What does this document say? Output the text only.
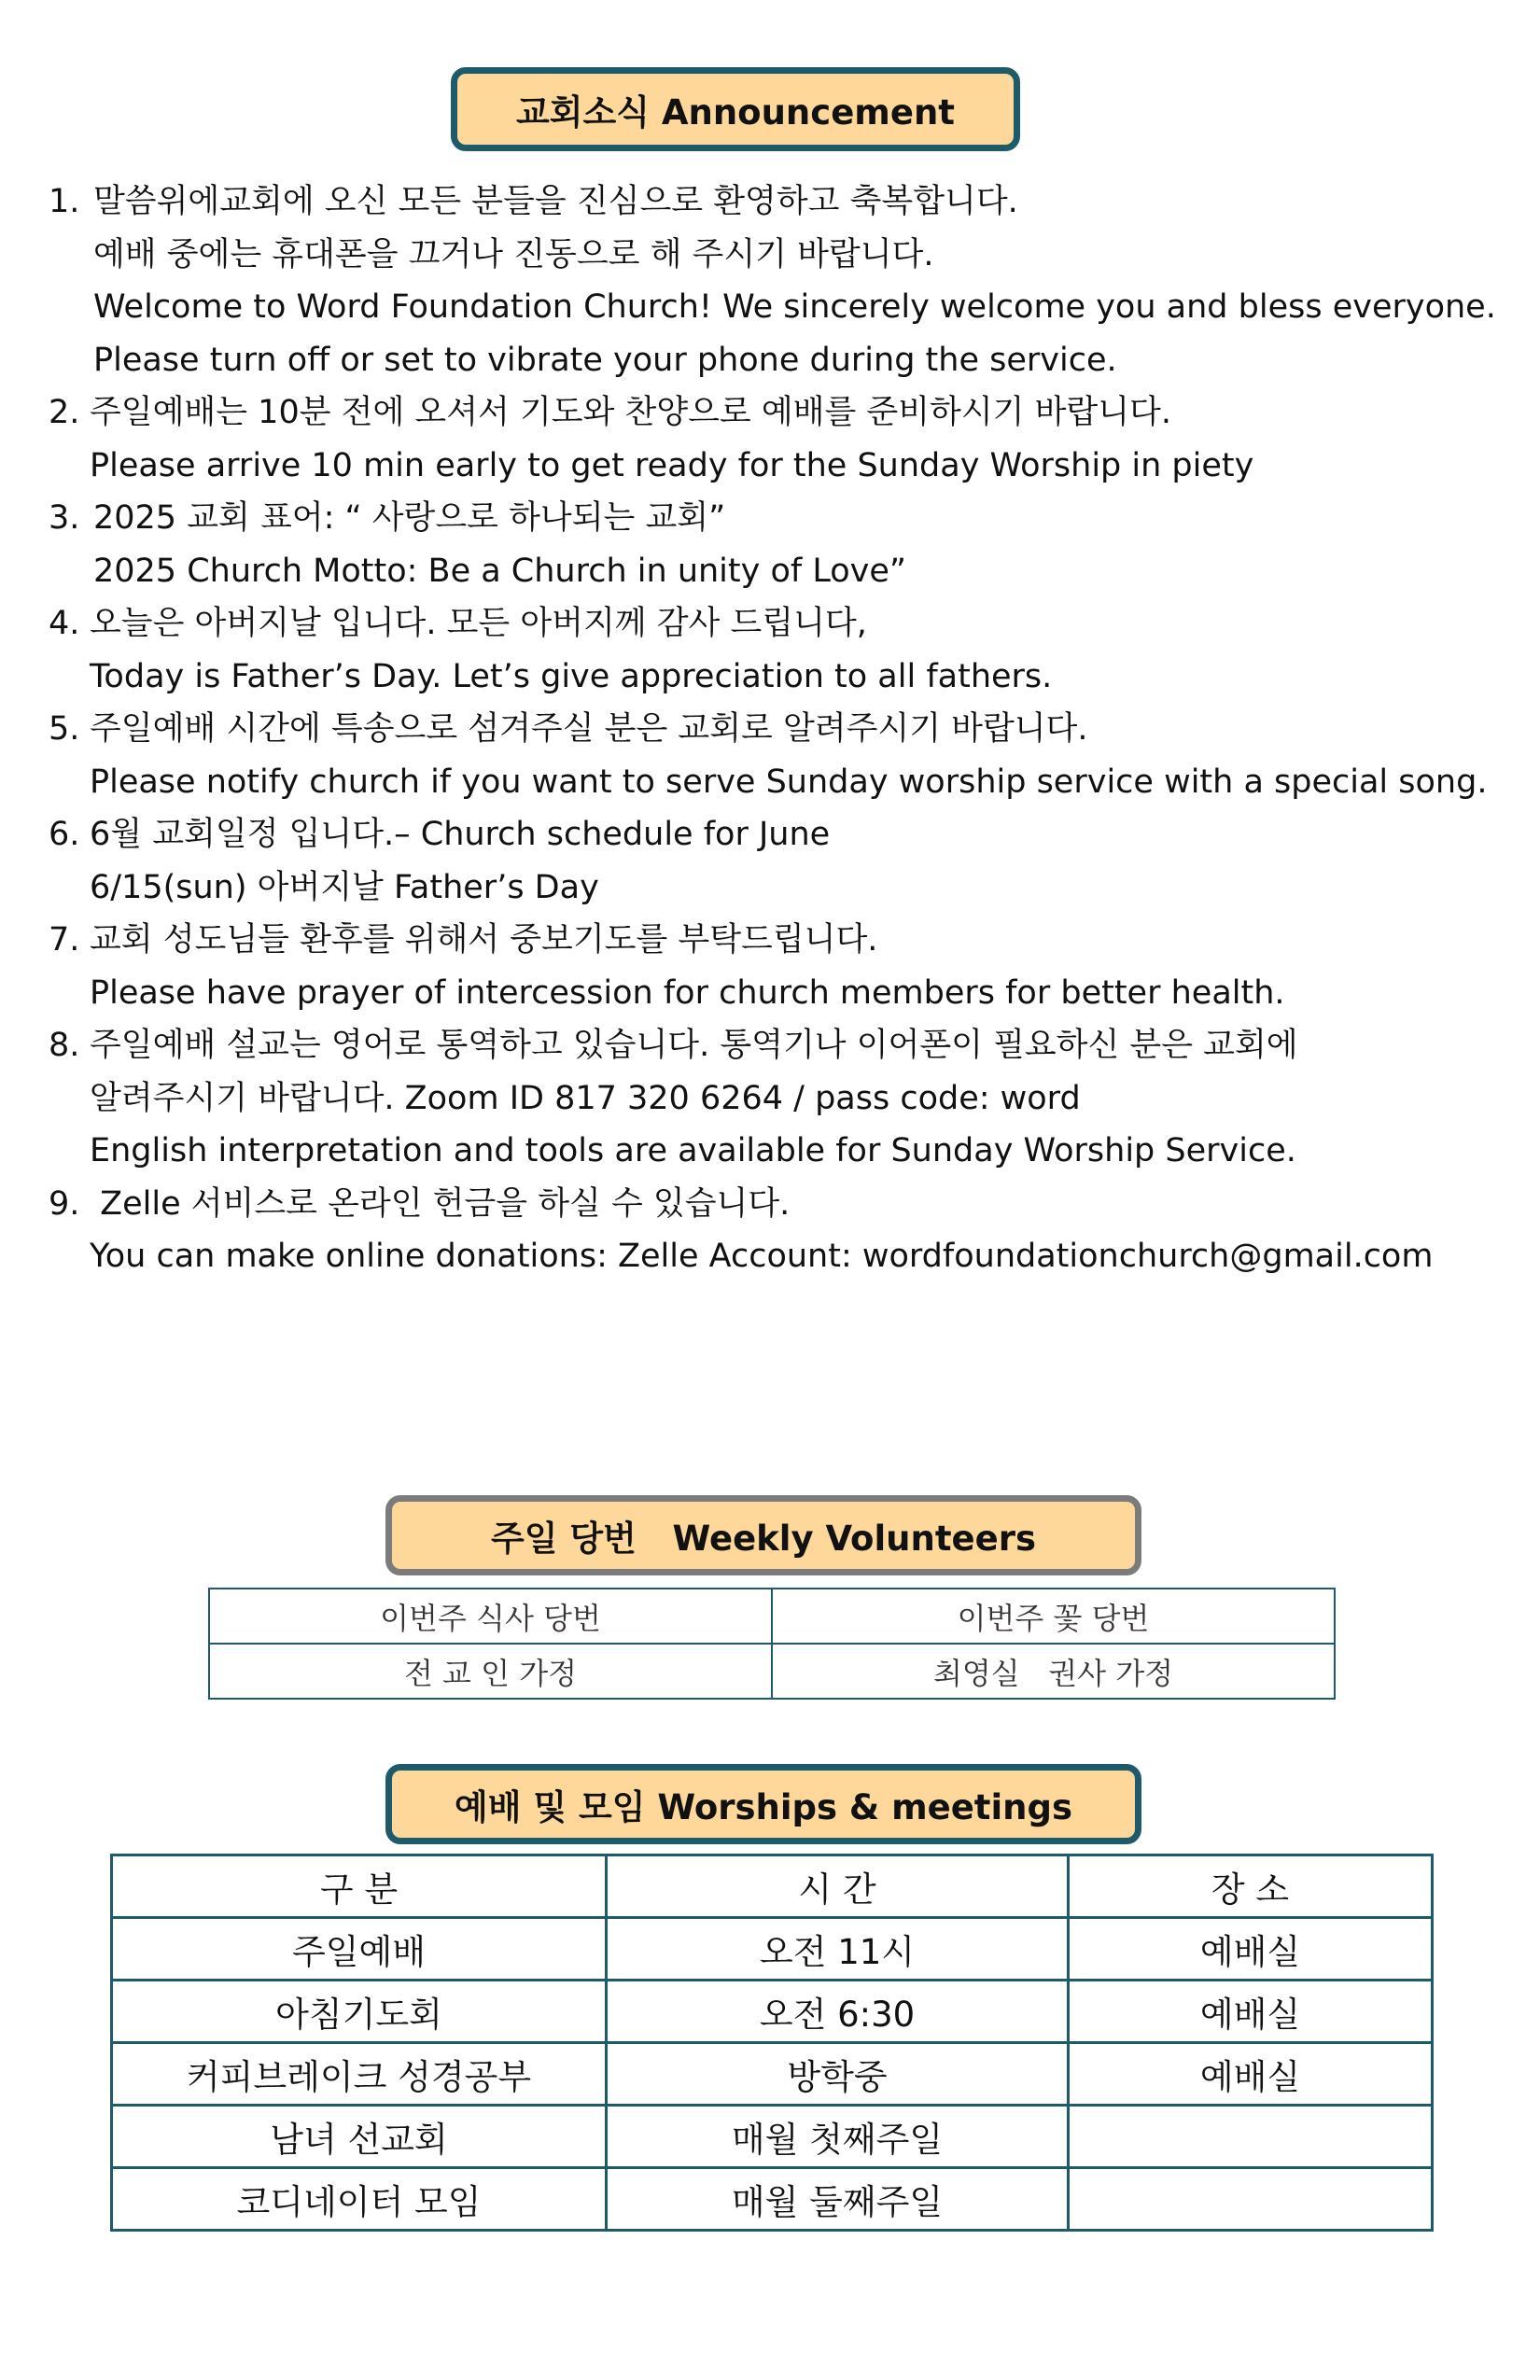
교회소식 Announcement
1. 말씀위에교회에 오신 모든 분들을 진심으로 환영하고 축복합니다.
예배 중에는 휴대폰을 끄거나 진동으로 해 주시기 바랍니다.
Welcome to Word Foundation Church! We sincerely welcome you and bless everyone.
Please turn off or set to vibrate your phone during the service.
2. 주일예배는 10분 전에 오셔서 기도와 찬양으로 예배를 준비하시기 바랍니다.
Please arrive 10 min early to get ready for the Sunday Worship in piety
3. 2025 교회 표어: “ 사랑으로 하나되는 교회”
2025 Church Motto: Be a Church in unity of Love”
4. 오늘은 아버지날 입니다. 모든 아버지께 감사 드립니다,
Today is Father’s Day. Let’s give appreciation to all fathers.
5. 주일예배 시간에 특송으로 섬겨주실 분은 교회로 알려주시기 바랍니다.
Please notify church if you want to serve Sunday worship service with a special song.
6. 6월 교회일정 입니다.– Church schedule for June
6/15(sun) 아버지날 Father’s Day
7. 교회 성도님들 환후를 위해서 중보기도를 부탁드립니다.
Please have prayer of intercession for church members for better health.
8. 주일예배 설교는 영어로 통역하고 있습니다. 통역기나 이어폰이 필요하신 분은 교회에
알려주시기 바랍니다. Zoom ID 817 320 6264 / pass code: word
English interpretation and tools are available for Sunday Worship Service.
9. Zelle 서비스로 온라인 헌금을 하실 수 있습니다.
You can make online donations: Zelle Account: wordfoundationchurch@gmail.com
주일 당번   Weekly Volunteers
이번주 식사 당번	이번주 꽃 당번
전 교 인 가정	최영실   권사 가정
예배 및 모임 Worships & meetings
구 분	시 간	장 소
주일예배	오전 11시	예배실
아침기도회	오전 6:30	예배실
커피브레이크 성경공부	방학중	예배실
남녀 선교회	매월 첫째주일	
코디네이터 모임	매월 둘째주일	
